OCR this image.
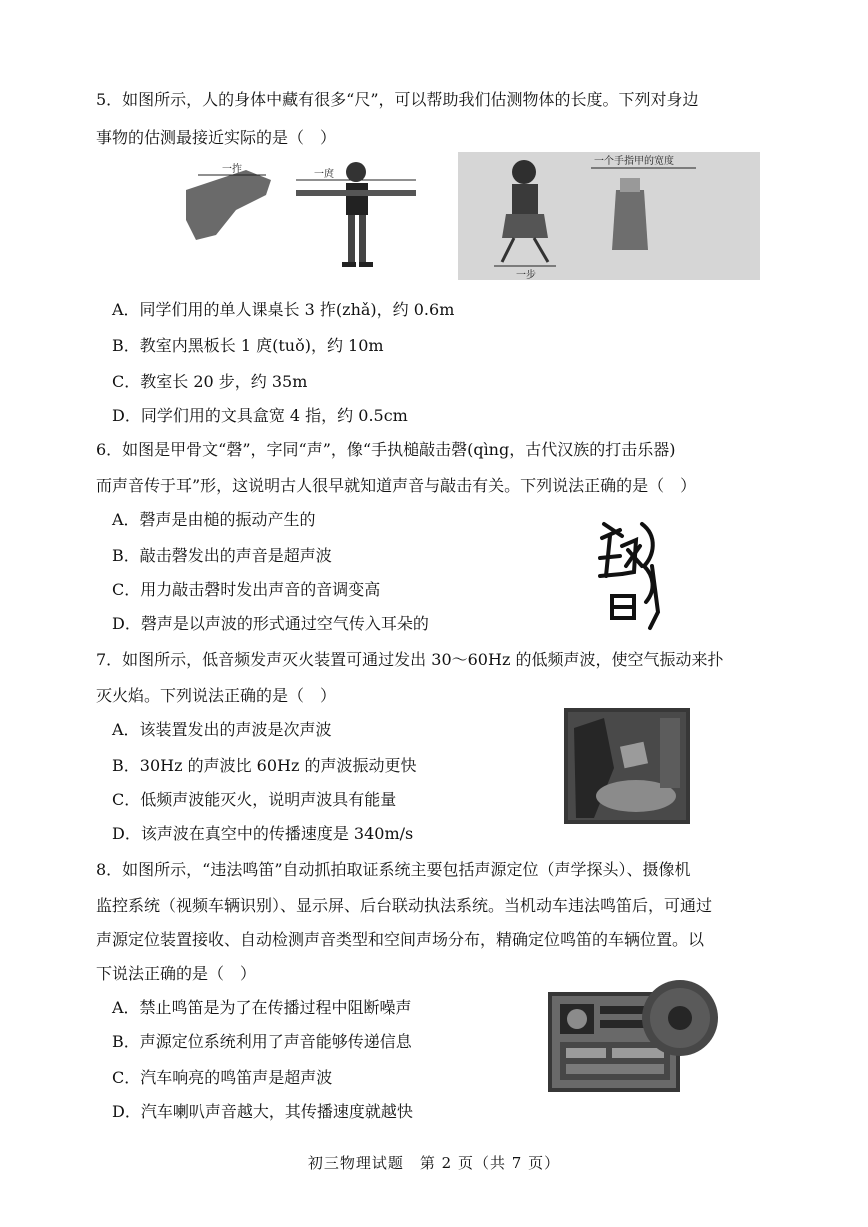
5．如图所示，人的身体中藏有很多“尺”，可以帮助我们估测物体的长度。下列对身边
事物的估测最接近实际的是（　）
一拃	一庹
一步
一个手指甲的宽度
A．同学们用的单人课桌长 3 拃(zhǎ)，约 0.6m
B．教室内黑板长 1 庹(tuǒ)，约 10m
C．教室长 20 步，约 35m
D．同学们用的文具盒宽 4 指，约 0.5cm
6．如图是甲骨文“磬”，字同“声”，像“手执槌敲击磬(qìng，古代汉族的打击乐器)
而声音传于耳”形，这说明古人很早就知道声音与敲击有关。下列说法正确的是（　）
A．磬声是由槌的振动产生的
B．敲击磬发出的声音是超声波
C．用力敲击磬时发出声音的音调变高
D．磬声是以声波的形式通过空气传入耳朵的
7．如图所示，低音频发声灭火装置可通过发出 30～60Hz 的低频声波，使空气振动来扑
灭火焰。下列说法正确的是（　）
A．该装置发出的声波是次声波
B．30Hz 的声波比 60Hz 的声波振动更快
C．低频声波能灭火，说明声波具有能量
D．该声波在真空中的传播速度是 340m/s
8．如图所示，“违法鸣笛”自动抓拍取证系统主要包括声源定位（声学探头）、摄像机
监控系统（视频车辆识别）、显示屏、后台联动执法系统。当机动车违法鸣笛后，可通过
声源定位装置接收、自动检测声音类型和空间声场分布，精确定位鸣笛的车辆位置。以
下说法正确的是（　）
A．禁止鸣笛是为了在传播过程中阻断噪声
B．声源定位系统利用了声音能够传递信息
C．汽车响亮的鸣笛声是超声波
D．汽车喇叭声音越大，其传播速度就越快
初三物理试题　第 2 页（共 7 页）
